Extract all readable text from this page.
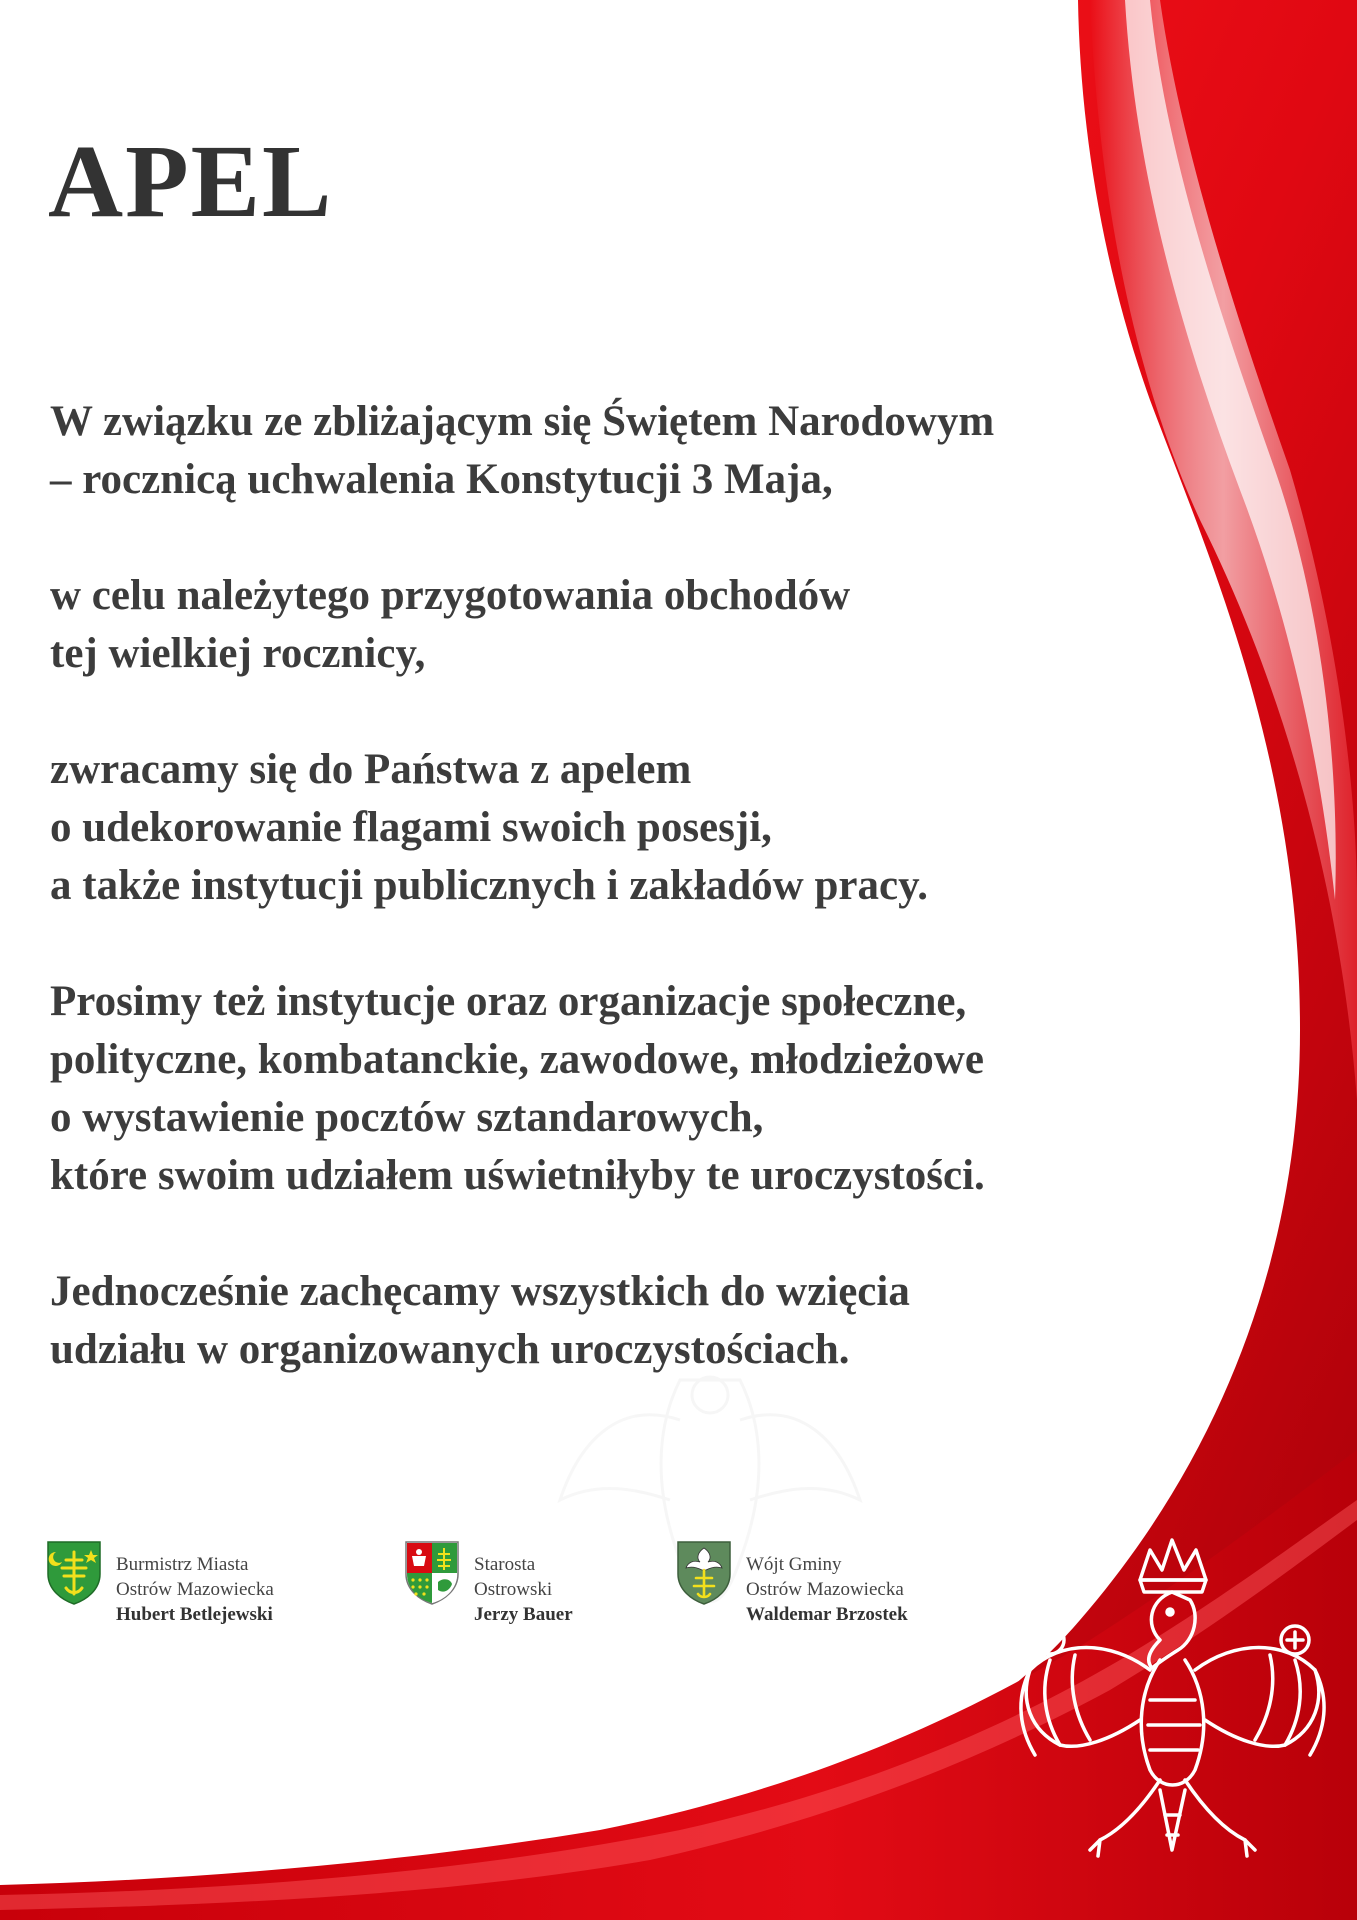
APEL

W związku ze zbliżającym się Świętem Narodowym
– rocznicą uchwalenia Konstytucji 3 Maja,

w celu należytego przygotowania obchodów
tej wielkiej rocznicy,

zwracamy się do Państwa z apelem
o udekorowanie flagami swoich posesji,
a także instytucji publicznych i zakładów pracy.

Prosimy też instytucje oraz organizacje społeczne,
polityczne, kombatanckie, zawodowe, młodzieżowe
o wystawienie pocztów sztandarowych,
które swoim udziałem uświetniłyby te uroczystości.

Jednocześnie zachęcamy wszystkich do wzięcia
udziału w organizowanych uroczystościach.

Burmistrz Miasta
Ostrów Mazowiecka
Hubert Betlejewski
Starosta
Ostrowski
Jerzy Bauer
Wójt Gminy
Ostrów Mazowiecka
Waldemar Brzostek
